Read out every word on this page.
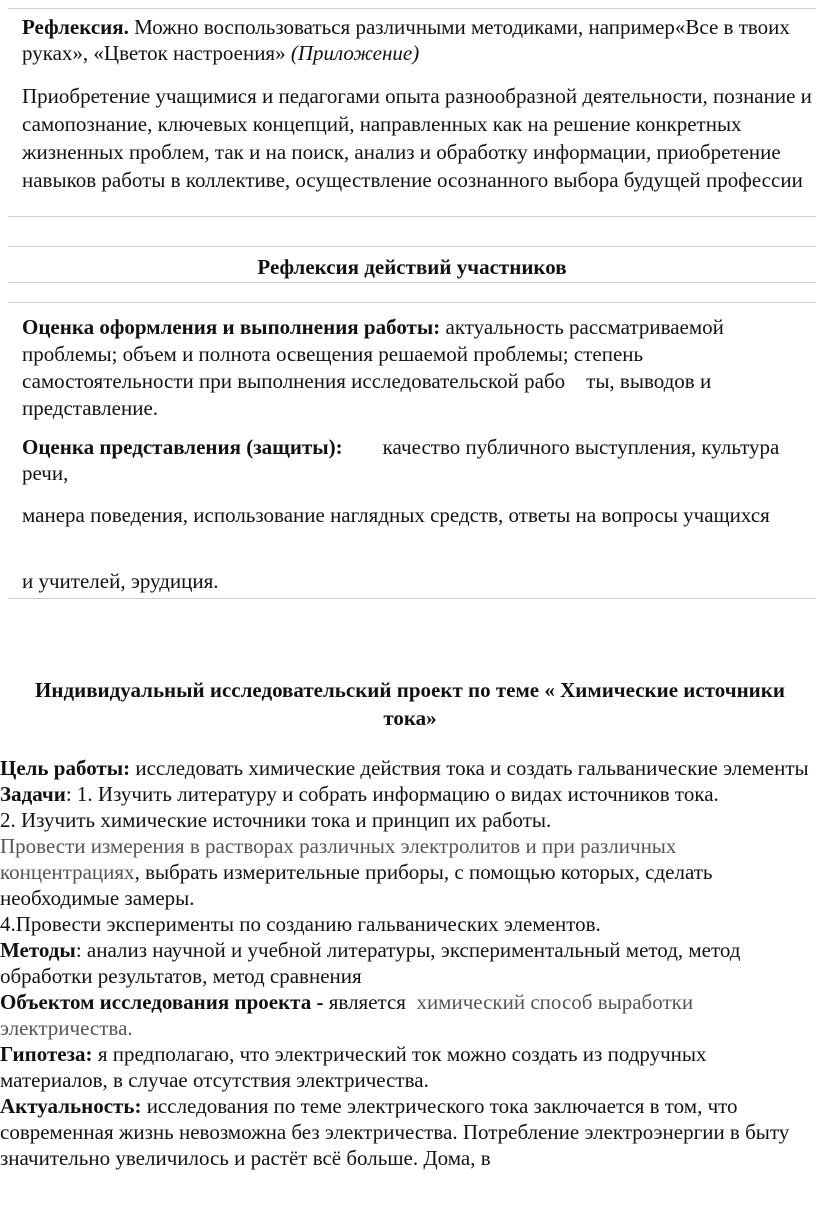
Рефлексия. Можно воспользоваться различными методиками, например«Все в твоих руках», «Цветок настроения» (Приложение)
Приобретение учащимися и педагогами опыта разнообразной деятельности, познание и самопознание, ключевых концепций, направленных как на решение конкретных жизненных проблем, так и на поиск, анализ и обработку информации, приобретение навыков работы в коллективе, осуществление осознанного выбора будущей профессии
Рефлексия действий участников
Оценка оформления и выполнения работы: актуальность рассматриваемой проблемы; объем и полнота освещения решаемой проблемы; степень самостоятельности при выполнения исследовательской рабо    ты, выводов и представление.
Оценка представления (защиты): качество публичного выступления, культура речи,
манера поведения, использование наглядных средств, ответы на вопросы учащихся
и учителей, эрудиция.
Индивидуальный исследовательский проект по теме « Химические источники тока»
Цель работы: исследовать химические действия тока и создать гальванические элементы
Задачи: 1. Изучить литературу и собрать информацию о видах источников тока.
2. Изучить химические источники тока и принцип их работы.
Провести измерения в растворах различных электролитов и при различных концентрациях, выбрать измерительные приборы, с помощью которых, сделать необходимые замеры.
4.Провести эксперименты по созданию гальванических элементов.
Методы: анализ научной и учебной литературы, экспериментальный метод, метод обработки результатов, метод сравнения
Объектом исследования проекта - является  химический способ выработки электричества.
Гипотеза: я предполагаю, что электрический ток можно создать из подручных материалов, в случае отсутствия электричества.
Актуальность: исследования по теме электрического тока заключается в том, что современная жизнь невозможна без электричества. Потребление электроэнергии в быту значительно увеличилось и растёт всё больше. Дома, в
